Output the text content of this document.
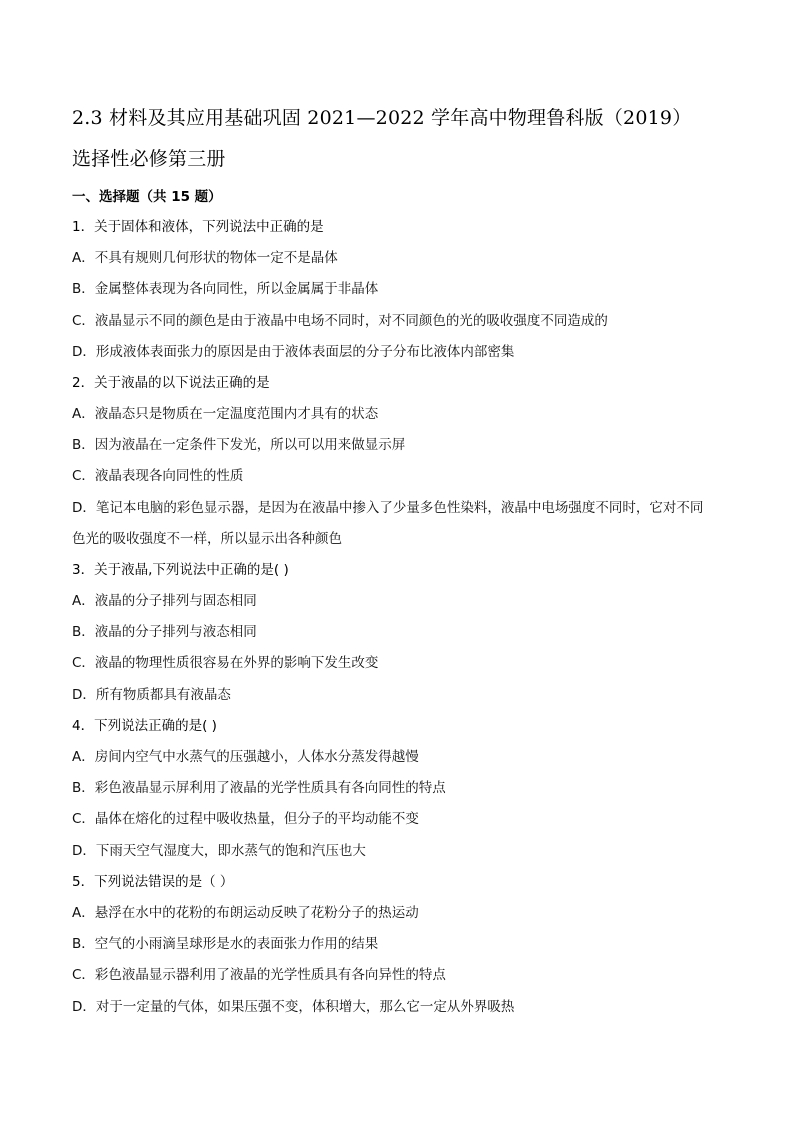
2.3 材料及其应用基础巩固 2021—2022 学年高中物理鲁科版（2019）
选择性必修第三册
一、选择题（共 15 题）
1．关于固体和液体，下列说法中正确的是
A．不具有规则几何形状的物体一定不是晶体
B．金属整体表现为各向同性，所以金属属于非晶体
C．液晶显示不同的颜色是由于液晶中电场不同时，对不同颜色的光的吸收强度不同造成的
D．形成液体表面张力的原因是由于液体表面层的分子分布比液体内部密集
2．关于液晶的以下说法正确的是
A．液晶态只是物质在一定温度范围内才具有的状态
B．因为液晶在一定条件下发光，所以可以用来做显示屏
C．液晶表现各向同性的性质
D．笔记本电脑的彩色显示器，是因为在液晶中掺入了少量多色性染料，液晶中电场强度不同时，它对不同
色光的吸收强度不一样，所以显示出各种颜色
3．关于液晶,下列说法中正确的是( )
A．液晶的分子排列与固态相同
B．液晶的分子排列与液态相同
C．液晶的物理性质很容易在外界的影响下发生改变
D．所有物质都具有液晶态
4．下列说法正确的是( )
A．房间内空气中水蒸气的压强越小，人体水分蒸发得越慢
B．彩色液晶显示屏利用了液晶的光学性质具有各向同性的特点
C．晶体在熔化的过程中吸收热量，但分子的平均动能不变
D．下雨天空气湿度大，即水蒸气的饱和汽压也大
5．下列说法错误的是（ ）
A．悬浮在水中的花粉的布朗运动反映了花粉分子的热运动
B．空气的小雨滴呈球形是水的表面张力作用的结果
C．彩色液晶显示器利用了液晶的光学性质具有各向异性的特点
D．对于一定量的气体，如果压强不变，体积增大，那么它一定从外界吸热
